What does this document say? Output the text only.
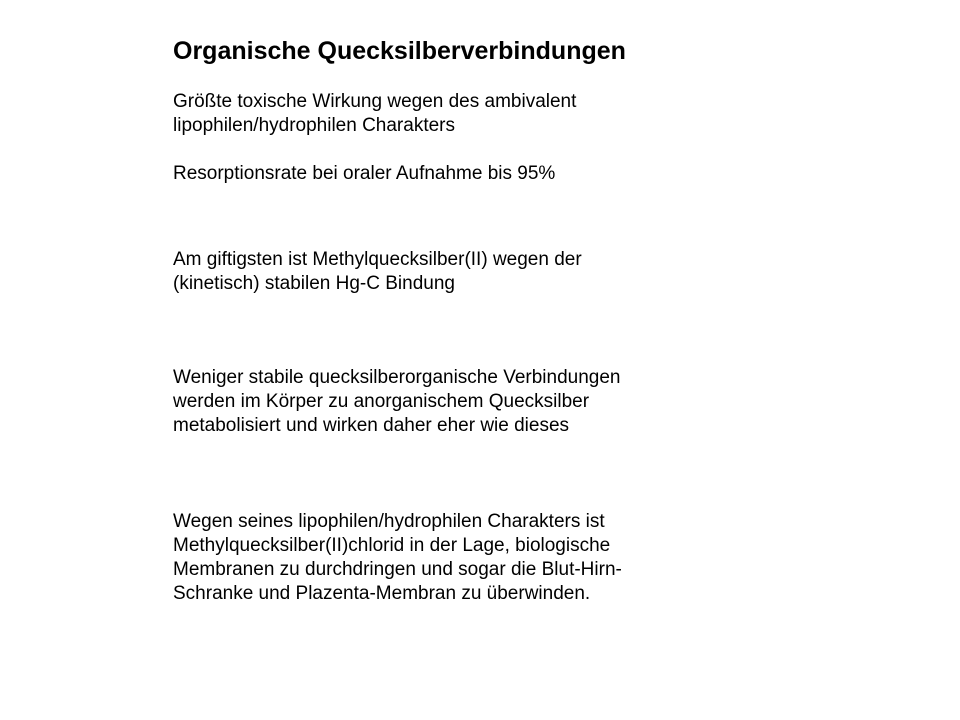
Organische Quecksilberverbindungen

Größte toxische Wirkung wegen des ambivalent
lipophilen/hydrophilen Charakters

Resorptionsrate bei oraler Aufnahme bis 95%

Am giftigsten ist Methylquecksilber(II) wegen der
(kinetisch) stabilen Hg-C Bindung

Weniger stabile quecksilberorganische Verbindungen
werden im Körper zu anorganischem Quecksilber
metabolisiert und wirken daher eher wie dieses

Wegen seines lipophilen/hydrophilen Charakters ist
Methylquecksilber(II)chlorid in der Lage, biologische
Membranen zu durchdringen und sogar die Blut-Hirn-
Schranke und Plazenta-Membran zu überwinden.
